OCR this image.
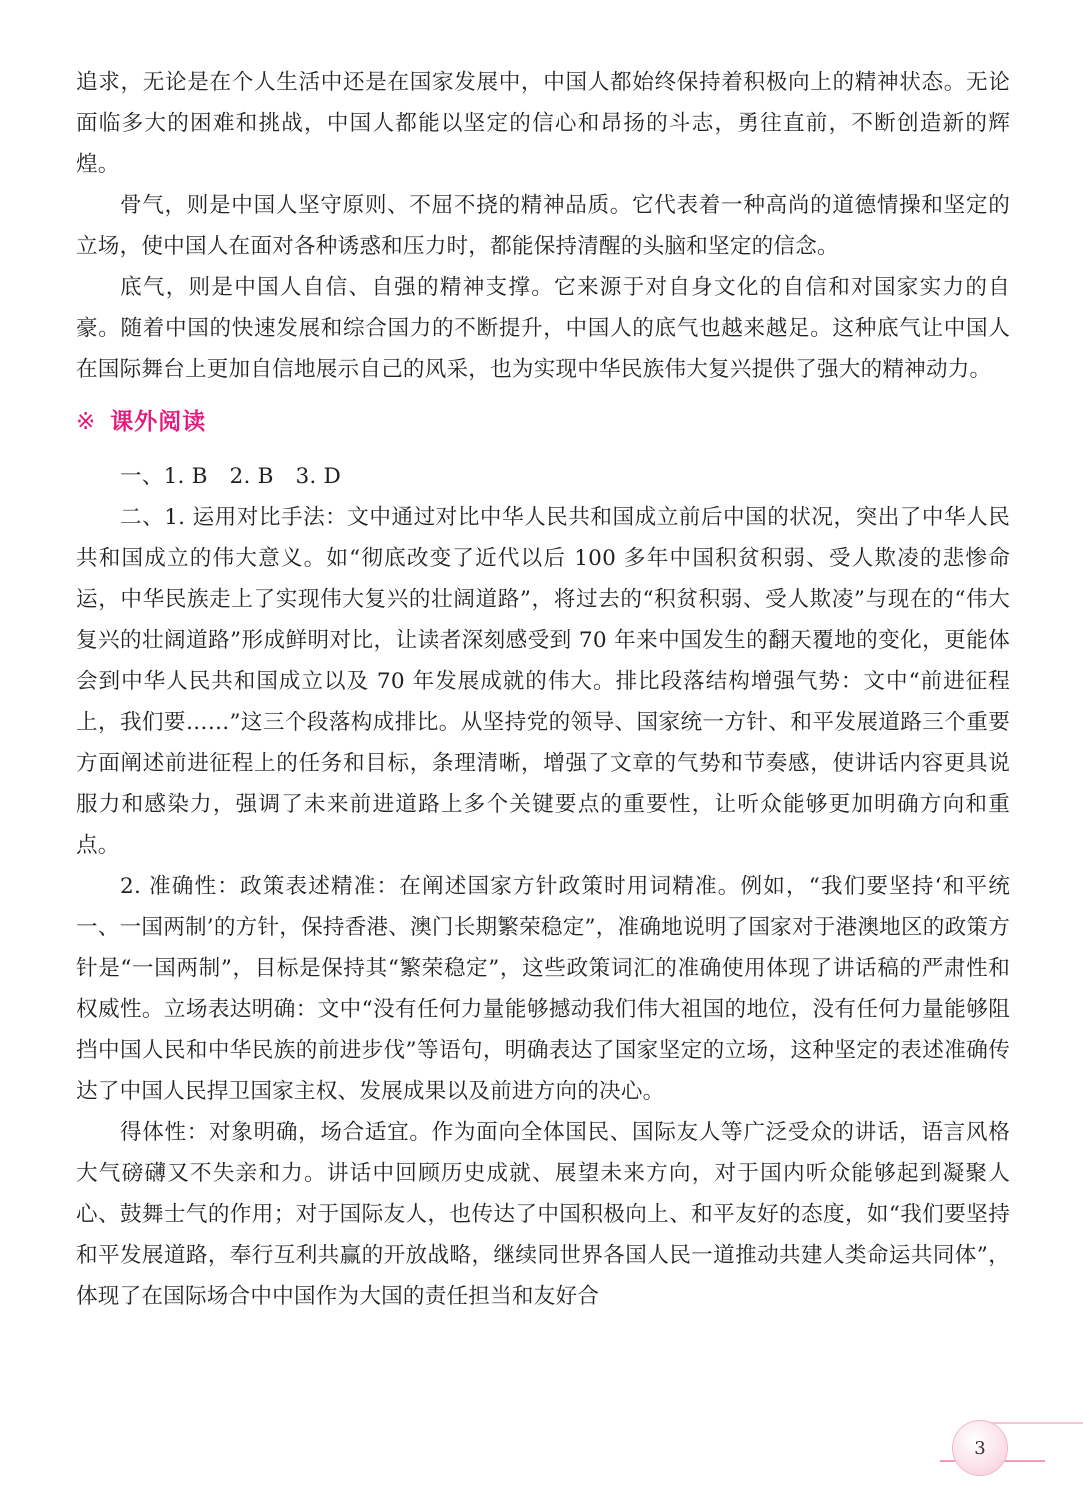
追求，无论是在个人生活中还是在国家发展中，中国人都始终保持着积极向上的精神状态。无论面临多大的困难和挑战，中国人都能以坚定的信心和昂扬的斗志，勇往直前，不断创造新的辉煌。

骨气，则是中国人坚守原则、不屈不挠的精神品质。它代表着一种高尚的道德情操和坚定的立场，使中国人在面对各种诱惑和压力时，都能保持清醒的头脑和坚定的信念。

底气，则是中国人自信、自强的精神支撑。它来源于对自身文化的自信和对国家实力的自豪。随着中国的快速发展和综合国力的不断提升，中国人的底气也越来越足。这种底气让中国人在国际舞台上更加自信地展示自己的风采，也为实现中华民族伟大复兴提供了强大的精神动力。

※ 课外阅读

一、1. B　2. B　3. D

二、1. 运用对比手法：文中通过对比中华人民共和国成立前后中国的状况，突出了中华人民共和国成立的伟大意义。如“彻底改变了近代以后 100 多年中国积贫积弱、受人欺凌的悲惨命运，中华民族走上了实现伟大复兴的壮阔道路”，将过去的“积贫积弱、受人欺凌”与现在的“伟大复兴的壮阔道路”形成鲜明对比，让读者深刻感受到 70 年来中国发生的翻天覆地的变化，更能体会到中华人民共和国成立以及 70 年发展成就的伟大。排比段落结构增强气势：文中“前进征程上，我们要……”这三个段落构成排比。从坚持党的领导、国家统一方针、和平发展道路三个重要方面阐述前进征程上的任务和目标，条理清晰，增强了文章的气势和节奏感，使讲话内容更具说服力和感染力，强调了未来前进道路上多个关键要点的重要性，让听众能够更加明确方向和重点。

2. 准确性：政策表述精准：在阐述国家方针政策时用词精准。例如，“我们要坚持‘和平统一、一国两制’的方针，保持香港、澳门长期繁荣稳定”，准确地说明了国家对于港澳地区的政策方针是“一国两制”，目标是保持其“繁荣稳定”，这些政策词汇的准确使用体现了讲话稿的严肃性和权威性。立场表达明确：文中“没有任何力量能够撼动我们伟大祖国的地位，没有任何力量能够阻挡中国人民和中华民族的前进步伐”等语句，明确表达了国家坚定的立场，这种坚定的表述准确传达了中国人民捍卫国家主权、发展成果以及前进方向的决心。

得体性：对象明确，场合适宜。作为面向全体国民、国际友人等广泛受众的讲话，语言风格大气磅礴又不失亲和力。讲话中回顾历史成就、展望未来方向，对于国内听众能够起到凝聚人心、鼓舞士气的作用；对于国际友人，也传达了中国积极向上、和平友好的态度，如“我们要坚持和平发展道路，奉行互利共赢的开放战略，继续同世界各国人民一道推动共建人类命运共同体”，体现了在国际场合中中国作为大国的责任担当和友好合

3
